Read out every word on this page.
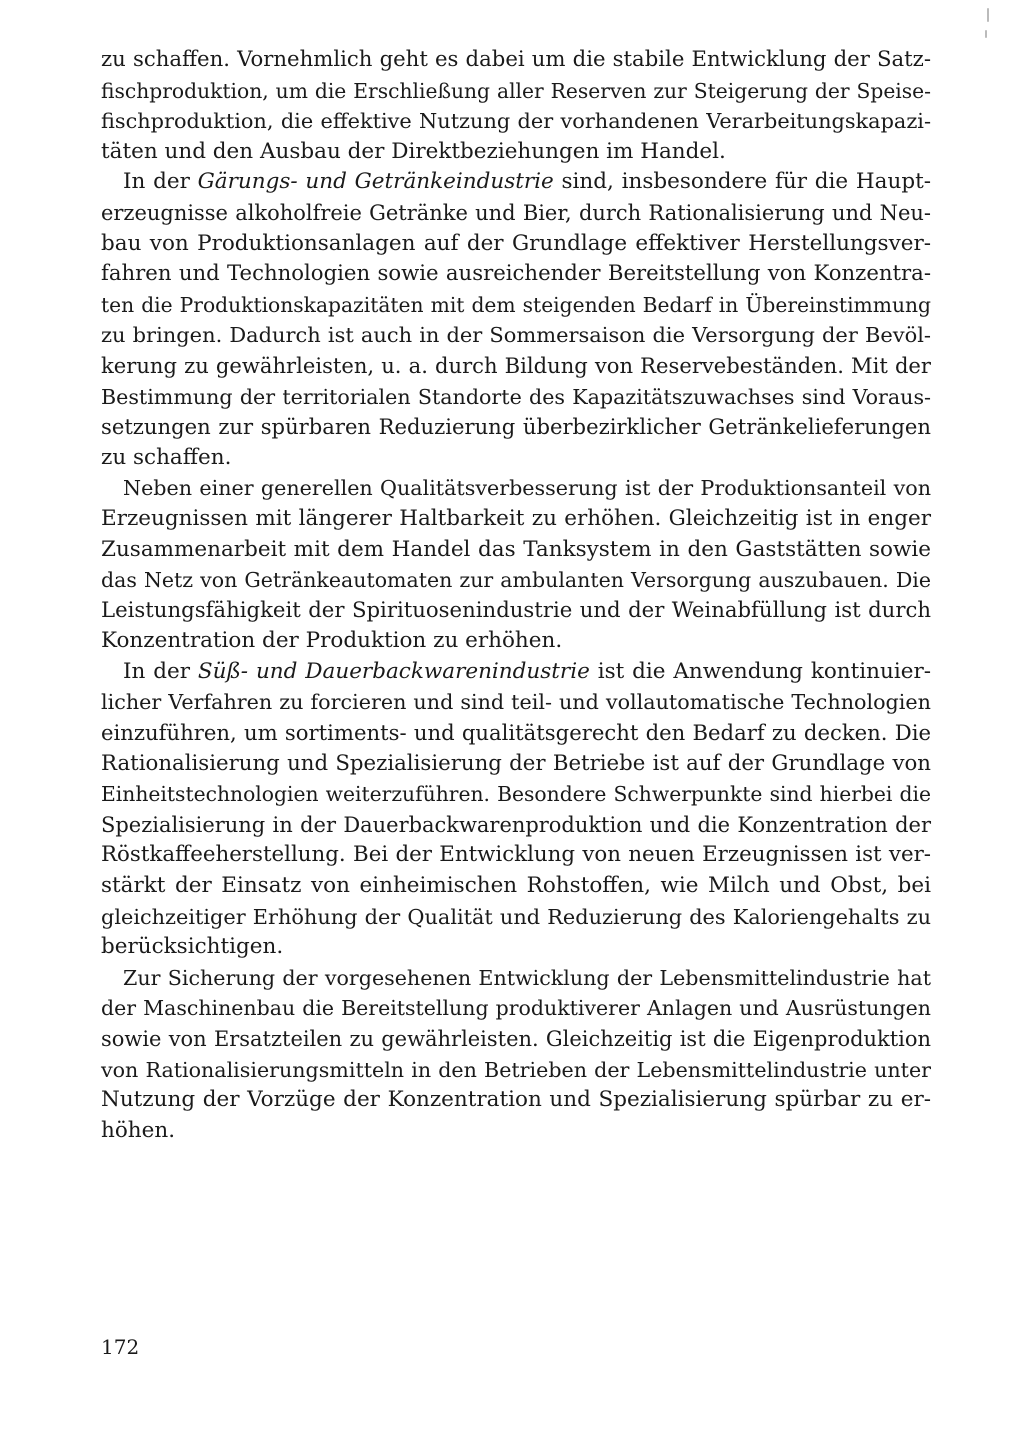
zu schaffen. Vornehmlich geht es dabei um die stabile Entwicklung der Satz-
fischproduktion, um die Erschließung aller Reserven zur Steigerung der Speise-
fischproduktion, die effektive Nutzung der vorhandenen Verarbeitungskapazi-
täten und den Ausbau der Direktbeziehungen im Handel.
In der Gärungs- und Getränkeindustrie sind, insbesondere für die Haupt-
erzeugnisse alkoholfreie Getränke und Bier, durch Rationalisierung und Neu-
bau von Produktionsanlagen auf der Grundlage effektiver Herstellungsver-
fahren und Technologien sowie ausreichender Bereitstellung von Konzentra-
ten die Produktionskapazitäten mit dem steigenden Bedarf in Übereinstimmung
zu bringen. Dadurch ist auch in der Sommersaison die Versorgung der Bevöl-
kerung zu gewährleisten, u. a. durch Bildung von Reservebeständen. Mit der
Bestimmung der territorialen Standorte des Kapazitätszuwachses sind Voraus-
setzungen zur spürbaren Reduzierung überbezirklicher Getränkelieferungen
zu schaffen.
Neben einer generellen Qualitätsverbesserung ist der Produktionsanteil von
Erzeugnissen mit längerer Haltbarkeit zu erhöhen. Gleichzeitig ist in enger
Zusammenarbeit mit dem Handel das Tanksystem in den Gaststätten sowie
das Netz von Getränkeautomaten zur ambulanten Versorgung auszubauen. Die
Leistungsfähigkeit der Spirituosenindustrie und der Weinabfüllung ist durch
Konzentration der Produktion zu erhöhen.
In der Süß- und Dauerbackwarenindustrie ist die Anwendung kontinuier-
licher Verfahren zu forcieren und sind teil- und vollautomatische Technologien
einzuführen, um sortiments- und qualitätsgerecht den Bedarf zu decken. Die
Rationalisierung und Spezialisierung der Betriebe ist auf der Grundlage von
Einheitstechnologien weiterzuführen. Besondere Schwerpunkte sind hierbei die
Spezialisierung in der Dauerbackwarenproduktion und die Konzentration der
Röstkaffeeherstellung. Bei der Entwicklung von neuen Erzeugnissen ist ver-
stärkt der Einsatz von einheimischen Rohstoffen, wie Milch und Obst, bei
gleichzeitiger Erhöhung der Qualität und Reduzierung des Kaloriengehalts zu
berücksichtigen.
Zur Sicherung der vorgesehenen Entwicklung der Lebensmittelindustrie hat
der Maschinenbau die Bereitstellung produktiverer Anlagen und Ausrüstungen
sowie von Ersatzteilen zu gewährleisten. Gleichzeitig ist die Eigenproduktion
von Rationalisierungsmitteln in den Betrieben der Lebensmittelindustrie unter
Nutzung der Vorzüge der Konzentration und Spezialisierung spürbar zu er-
höhen.
172
